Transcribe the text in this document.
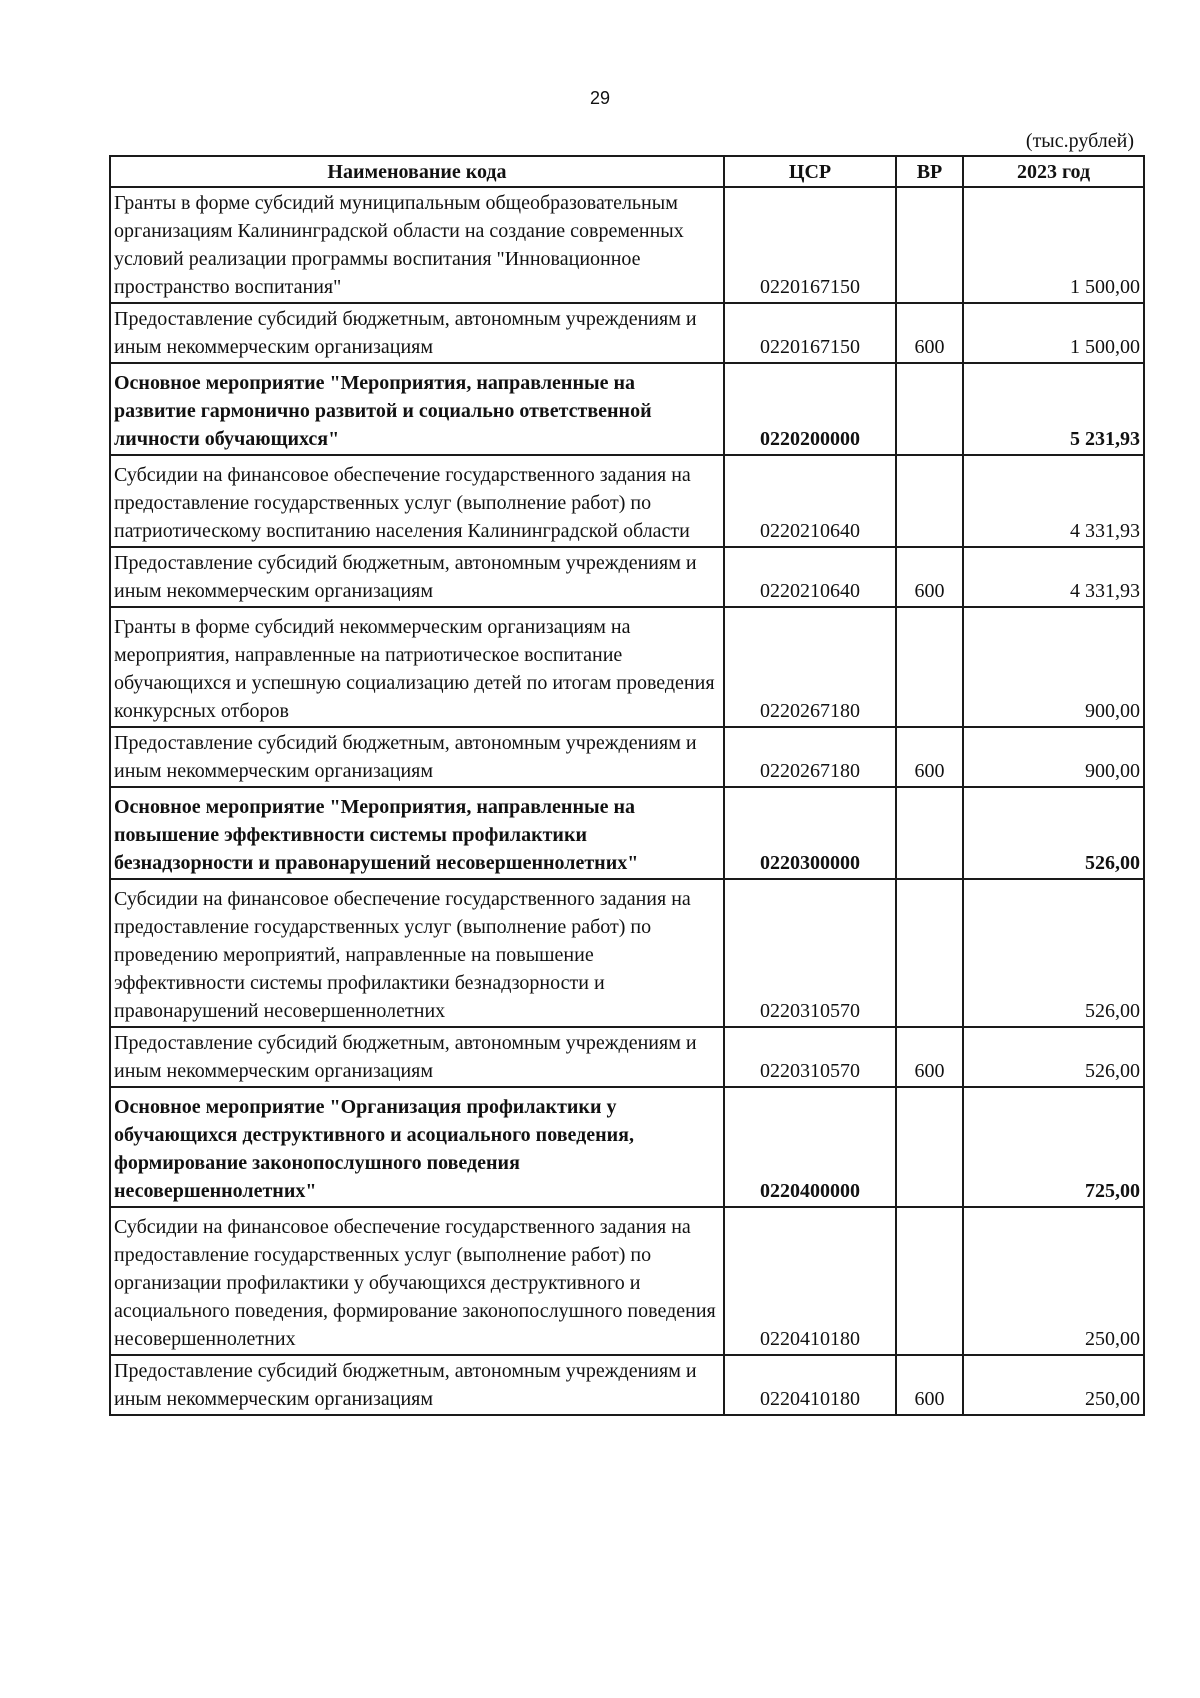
29
(тыс.рублей)
Наименование кода	ЦСР	ВР	2023 год
Гранты в форме субсидий муниципальным общеобразовательным организациям Калининградской области на создание современных условий реализации программы воспитания "Инновационное пространство воспитания"	0220167150		1 500,00
Предоставление субсидий бюджетным, автономным учреждениям и иным некоммерческим организациям	0220167150	600	1 500,00
Основное мероприятие "Мероприятия, направленные на развитие гармонично развитой и социально ответственной личности обучающихся"	0220200000		5 231,93
Субсидии на финансовое обеспечение государственного задания на предоставление государственных услуг (выполнение работ) по патриотическому воспитанию населения Калининградской области	0220210640		4 331,93
Предоставление субсидий бюджетным, автономным учреждениям и иным некоммерческим организациям	0220210640	600	4 331,93
Гранты в форме субсидий некоммерческим организациям на мероприятия, направленные на патриотическое воспитание обучающихся и успешную социализацию детей по итогам проведения конкурсных отборов	0220267180		900,00
Предоставление субсидий бюджетным, автономным учреждениям и иным некоммерческим организациям	0220267180	600	900,00
Основное мероприятие "Мероприятия, направленные на повышение эффективности системы профилактики безнадзорности и правонарушений несовершеннолетних"	0220300000		526,00
Субсидии на финансовое обеспечение государственного задания на предоставление государственных услуг (выполнение работ) по проведению мероприятий, направленные на повышение эффективности системы профилактики безнадзорности и правонарушений несовершеннолетних	0220310570		526,00
Предоставление субсидий бюджетным, автономным учреждениям и иным некоммерческим организациям	0220310570	600	526,00
Основное мероприятие "Организация профилактики у обучающихся деструктивного и асоциального поведения, формирование законопослушного поведения несовершеннолетних"	0220400000		725,00
Субсидии на финансовое обеспечение государственного задания на предоставление государственных услуг (выполнение работ) по организации профилактики у обучающихся деструктивного и асоциального поведения, формирование законопослушного поведения несовершеннолетних	0220410180		250,00
Предоставление субсидий бюджетным, автономным учреждениям и иным некоммерческим организациям	0220410180	600	250,00
